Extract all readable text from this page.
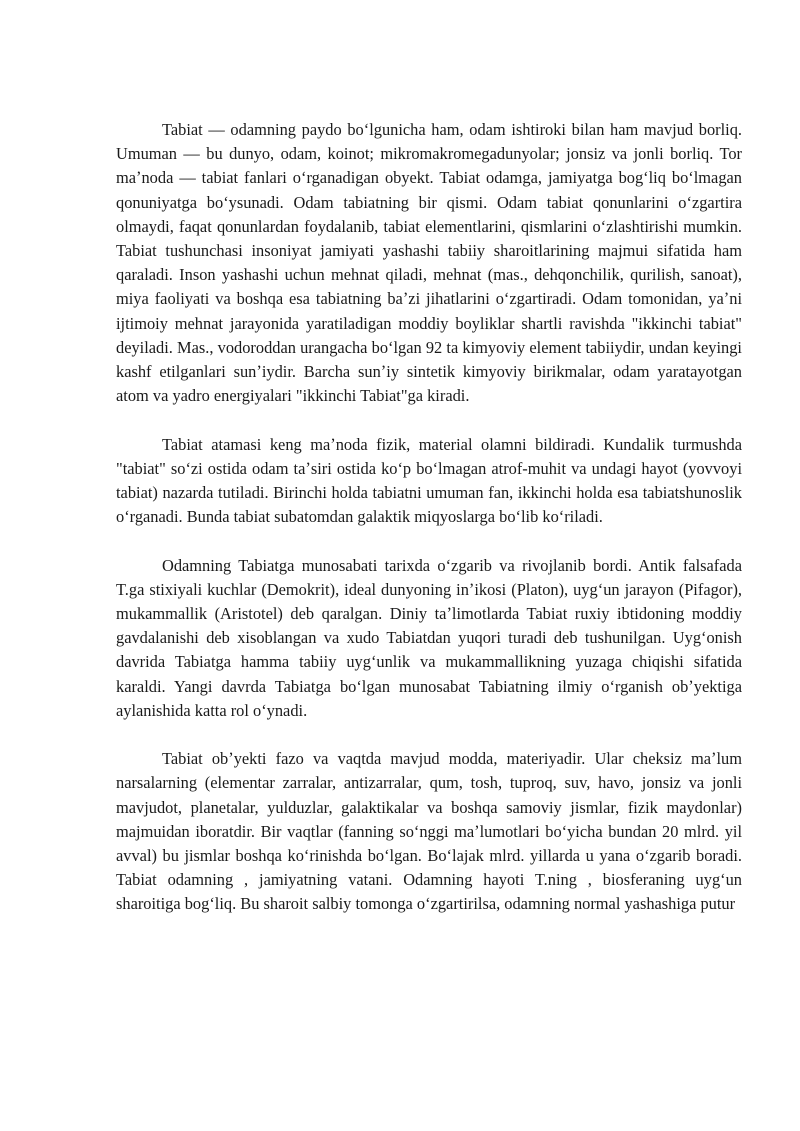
Tabiat — odamning paydo boʻlgunicha ham, odam ishtiroki bilan ham mavjud borliq. Umuman — bu dunyo, odam, koinot; mikromakromegadunyolar; jonsiz va jonli borliq. Tor maʼnoda — tabiat fanlari oʻrganadigan obyekt. Tabiat odamga, jamiyatga bogʻliq boʻlmagan qonuniyatga boʻysunadi. Odam tabiatning bir qismi. Odam tabiat qonunlarini oʻzgartira olmaydi, faqat qonunlardan foydalanib, tabiat elementlarini, qismlarini oʻzlashtirishi mumkin. Tabiat tushunchasi insoniyat jamiyati yashashi tabiiy sharoitlarining majmui sifatida ham qaraladi. Inson yashashi uchun mehnat qiladi, mehnat (mas., dehqonchilik, qurilish, sanoat), miya faoliyati va boshqa esa tabiatning baʼzi jihatlarini oʻzgartiradi. Odam tomonidan, yaʼni ijtimoiy mehnat jarayonida yaratiladigan moddiy boyliklar shartli ravishda "ikkinchi tabiat" deyiladi. Mas., vodoroddan urangacha boʻlgan 92 ta kimyoviy element tabiiydir, undan keyingi kashf etilganlari sunʼiydir. Barcha sunʼiy sintetik kimyoviy birikmalar, odam yaratayotgan atom va yadro energiyalari "ikkinchi Tabiat"ga kiradi.

Tabiat atamasi keng maʼnoda fizik, material olamni bildiradi. Kundalik turmushda "tabiat" soʻzi ostida odam taʼsiri ostida koʻp boʻlmagan atrof-muhit va undagi hayot (yovvoyi tabiat) nazarda tutiladi. Birinchi holda tabiatni umuman fan, ikkinchi holda esa tabiatshunoslik oʻrganadi. Bunda tabiat subatomdan galaktik miqyoslarga boʻlib koʻriladi.

Odamning Tabiatga munosabati tarixda oʻzgarib va rivojlanib bordi. Antik falsafada T.ga stixiyali kuchlar (Demokrit), ideal dunyoning inʼikosi (Platon), uygʻun jarayon (Pifagor), mukammallik (Aristotel) deb qaralgan. Diniy taʼlimotlarda Tabiat ruxiy ibtidoning moddiy gavdalanishi deb xisoblangan va xudo Tabiatdan yuqori turadi deb tushunilgan. Uygʻonish davrida Tabiatga hamma tabiiy uygʻunlik va mukammallikning yuzaga chiqishi sifatida karaldi. Yangi davrda Tabiatga boʻlgan munosabat Tabiatning ilmiy oʻrganish obʼyektiga aylanishida katta rol oʻynadi.

Tabiat obʼyekti fazo va vaqtda mavjud modda, materiyadir. Ular cheksiz maʼlum narsalarning (elementar zarralar, antizarralar, qum, tosh, tuproq, suv, havo, jonsiz va jonli mavjudot, planetalar, yulduzlar, galaktikalar va boshqa samoviy jismlar, fizik maydonlar) majmuidan iboratdir. Bir vaqtlar (fanning soʻnggi maʼlumotlari boʻyicha bundan 20 mlrd. yil avval) bu jismlar boshqa koʻrinishda boʻlgan. Boʻlajak mlrd. yillarda u yana oʻzgarib boradi. Tabiat odamning , jamiyatning vatani. Odamning hayoti T.ning , biosferaning uygʻun sharoitiga bogʻliq. Bu sharoit salbiy tomonga oʻzgartirilsa, odamning normal yashashiga putur
